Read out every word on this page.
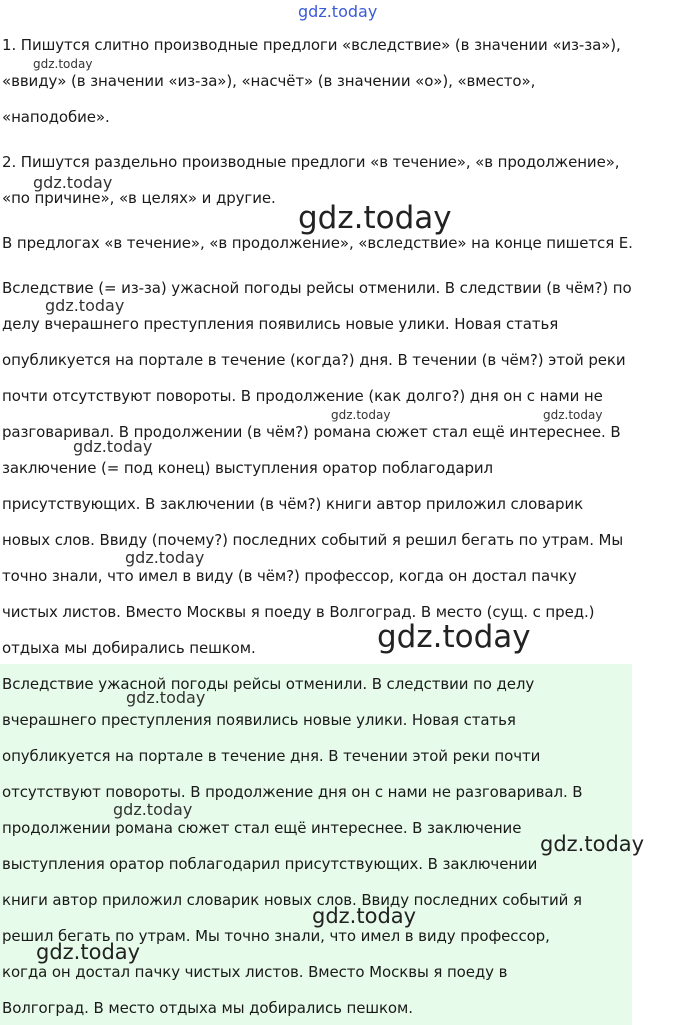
gdz.today
gdz.today
gdz.today
gdz.today
gdz.today
gdz.today	gdz.today
gdz.today
gdz.today
gdz.today
gdz.today
gdz.today
gdz.today
gdz.today
gdz.today
1. Пишутся слитно производные предлоги «вследствие» (в значении «из-за»),
«ввиду» (в значении «из-за»), «насчёт» (в значении «о»), «вместо»,
«наподобие».
2. Пишутся раздельно производные предлоги «в течение», «в продолжение»,
«по причине», «в целях» и другие.
В предлогах «в течение», «в продолжение», «вследствие» на конце пишется Е.
Вследствие (= из-за) ужасной погоды рейсы отменили. В следствии (в чём?) по
делу вчерашнего преступления появились новые улики. Новая статья
опубликуется на портале в течение (когда?) дня. В течении (в чём?) этой реки
почти отсутствуют повороты. В продолжение (как долго?) дня он с нами не
разговаривал. В продолжении (в чём?) романа сюжет стал ещё интереснее. В
заключение (= под конец) выступления оратор поблагодарил
присутствующих. В заключении (в чём?) книги автор приложил словарик
новых слов. Ввиду (почему?) последних событий я решил бегать по утрам. Мы
точно знали, что имел в виду (в чём?) профессор, когда он достал пачку
чистых листов. Вместо Москвы я поеду в Волгоград. В место (сущ. с пред.)
отдыха мы добирались пешком.
Вследствие ужасной погоды рейсы отменили. В следствии по делу
вчерашнего преступления появились новые улики. Новая статья
опубликуется на портале в течение дня. В течении этой реки почти
отсутствуют повороты. В продолжение дня он с нами не разговаривал. В
продолжении романа сюжет стал ещё интереснее. В заключение
выступления оратор поблагодарил присутствующих. В заключении
книги автор приложил словарик новых слов. Ввиду последних событий я
решил бегать по утрам. Мы точно знали, что имел в виду профессор,
когда он достал пачку чистых листов. Вместо Москвы я поеду в
Волгоград. В место отдыха мы добирались пешком.
